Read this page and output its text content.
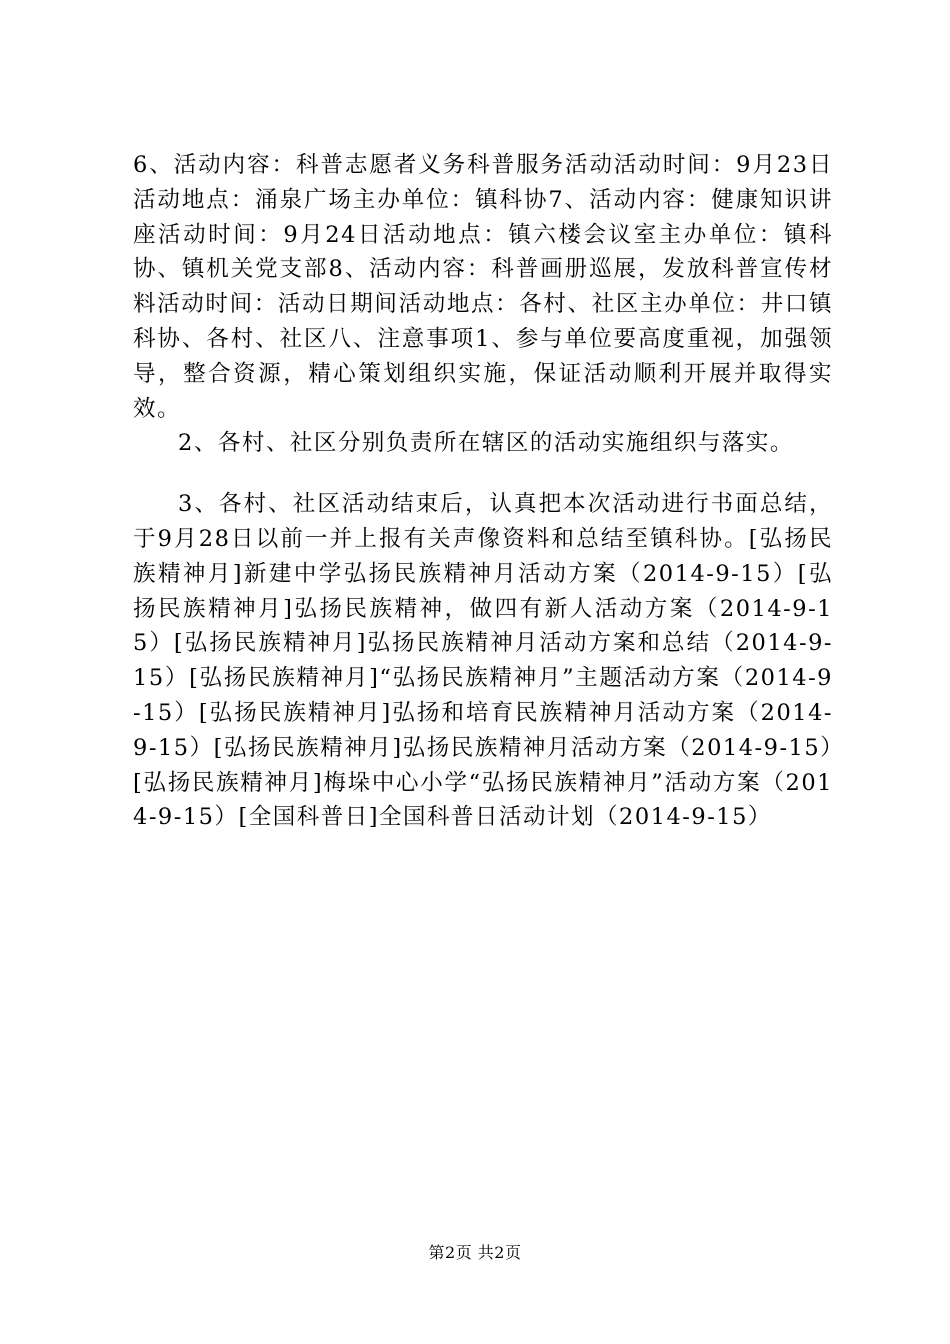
6、活动内容：科普志愿者义务科普服务活动活动时间：9月23日活动地点：涌泉广场主办单位：镇科协7、活动内容：健康知识讲座活动时间：9月24日活动地点：镇六楼会议室主办单位：镇科协、镇机关党支部8、活动内容：科普画册巡展，发放科普宣传材料活动时间：活动日期间活动地点：各村、社区主办单位：井口镇科协、各村、社区八、注意事项1、参与单位要高度重视，加强领导，整合资源，精心策划组织实施，保证活动顺利开展并取得实效。

2、各村、社区分别负责所在辖区的活动实施组织与落实。

3、各村、社区活动结束后，认真把本次活动进行书面总结，于9月28日以前一并上报有关声像资料和总结至镇科协。[弘扬民族精神月]新建中学弘扬民族精神月活动方案（2014-9-15）[弘扬民族精神月]弘扬民族精神，做四有新人活动方案（2014-9-15）[弘扬民族精神月]弘扬民族精神月活动方案和总结（2014-9-15）[弘扬民族精神月]“弘扬民族精神月”主题活动方案（2014-9-15）[弘扬民族精神月]弘扬和培育民族精神月活动方案（2014-9-15）[弘扬民族精神月]弘扬民族精神月活动方案（2014-9-15）[弘扬民族精神月]梅垛中心小学“弘扬民族精神月”活动方案（2014-9-15）[全国科普日]全国科普日活动计划（2014-9-15）

第2页 共2页
